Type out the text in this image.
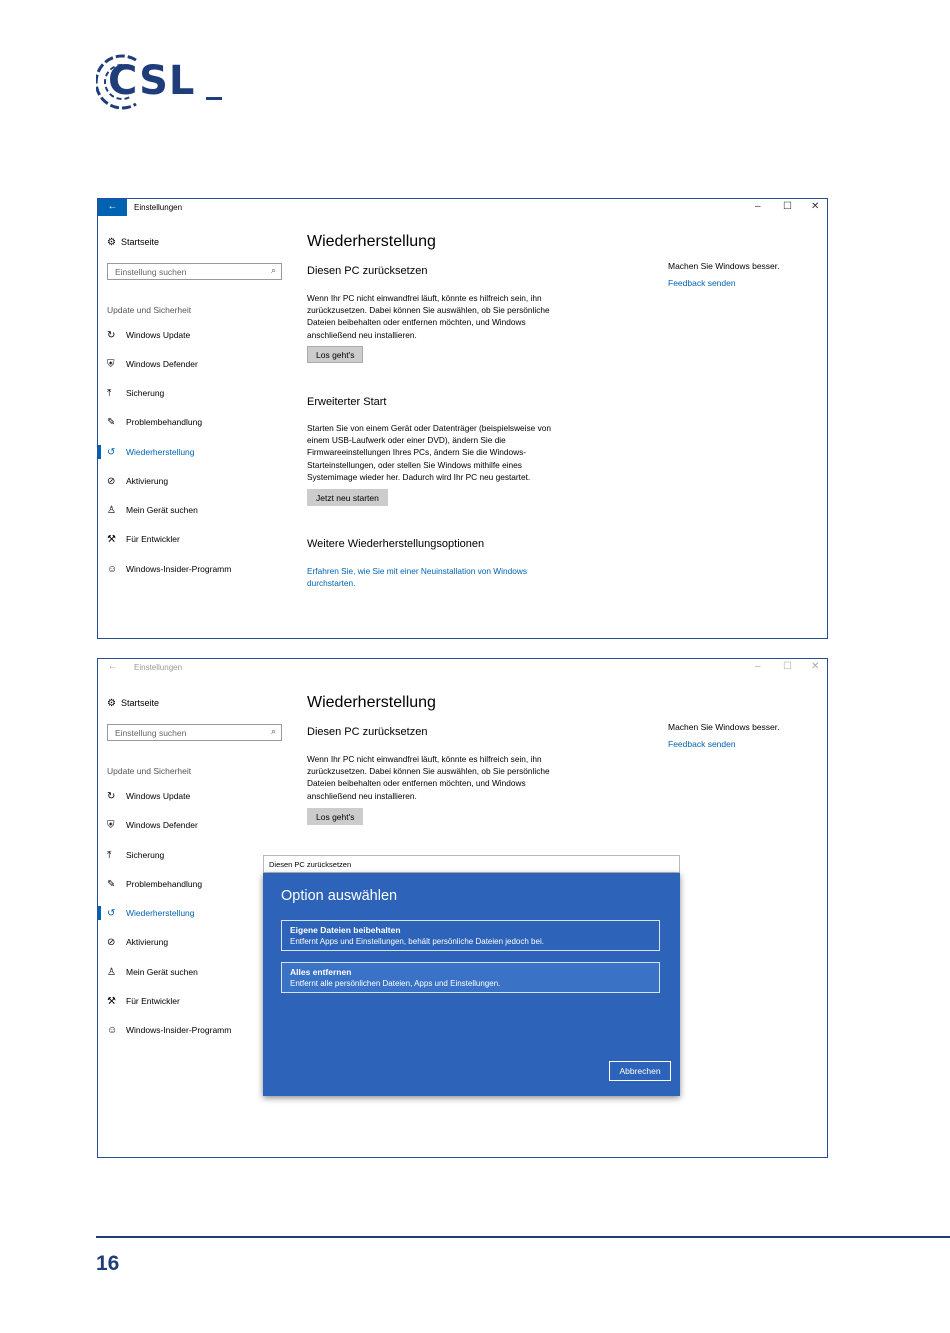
CSL
←	Einstellungen	– ☐ ✕
⚙ Startseite
Einstellung suchen	⌕
Update und Sicherheit
↻ Windows Update
⛨ Windows Defender
⤒ Sicherung
✎ Problembehandlung
↺ Wiederherstellung
⊘ Aktivierung
♙ Mein Gerät suchen
⚒ Für Entwickler
☺ Windows-Insider-Programm
Wiederherstellung
Diesen PC zurücksetzen
Wenn Ihr PC nicht einwandfrei läuft, könnte es hilfreich sein, ihn
zurückzusetzen. Dabei können Sie auswählen, ob Sie persönliche
Dateien beibehalten oder entfernen möchten, und Windows
anschließend neu installieren.
Los geht's
Erweiterter Start
Starten Sie von einem Gerät oder Datenträger (beispielsweise von
einem USB-Laufwerk oder einer DVD), ändern Sie die
Firmwareeinstellungen Ihres PCs, ändern Sie die Windows-
Starteinstellungen, oder stellen Sie Windows mithilfe eines
Systemimage wieder her. Dadurch wird Ihr PC neu gestartet.
Jetzt neu starten
Weitere Wiederherstellungsoptionen
Erfahren Sie, wie Sie mit einer Neuinstallation von Windows
durchstarten.
Machen Sie Windows besser.
Feedback senden
←	Einstellungen	– ☐ ✕
⚙ Startseite
Einstellung suchen	⌕
Update und Sicherheit
↻ Windows Update
⛨ Windows Defender
⤒ Sicherung
✎ Problembehandlung
↺ Wiederherstellung
⊘ Aktivierung
♙ Mein Gerät suchen
⚒ Für Entwickler
☺ Windows-Insider-Programm
Wiederherstellung
Diesen PC zurücksetzen
Wenn Ihr PC nicht einwandfrei läuft, könnte es hilfreich sein, ihn
zurückzusetzen. Dabei können Sie auswählen, ob Sie persönliche
Dateien beibehalten oder entfernen möchten, und Windows
anschließend neu installieren.
Los geht's
Machen Sie Windows besser.
Feedback senden
Diesen PC zurücksetzen
Option auswählen
Eigene Dateien beibehalten
Entfernt Apps und Einstellungen, behält persönliche Dateien jedoch bei.
Alles entfernen
Entfernt alle persönlichen Dateien, Apps und Einstellungen.
Abbrechen
16
